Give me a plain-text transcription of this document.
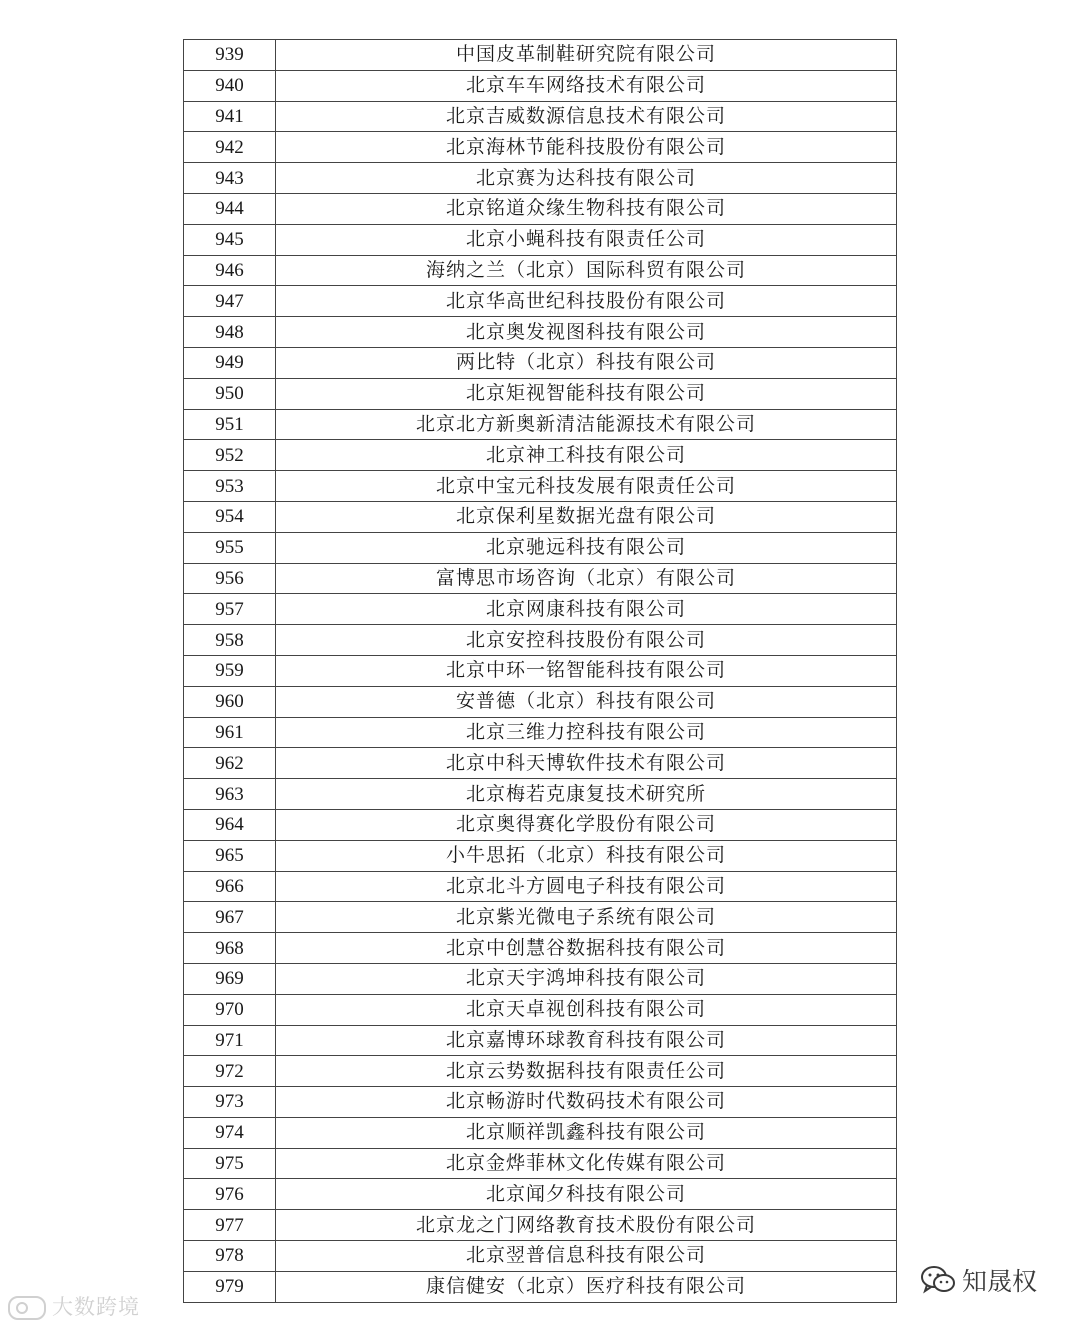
939	中国皮革制鞋研究院有限公司
940	北京车车网络技术有限公司
941	北京吉威数源信息技术有限公司
942	北京海林节能科技股份有限公司
943	北京赛为达科技有限公司
944	北京铭道众缘生物科技有限公司
945	北京小蝇科技有限责任公司
946	海纳之兰（北京）国际科贸有限公司
947	北京华高世纪科技股份有限公司
948	北京奥发视图科技有限公司
949	两比特（北京）科技有限公司
950	北京矩视智能科技有限公司
951	北京北方新奥新清洁能源技术有限公司
952	北京神工科技有限公司
953	北京中宝元科技发展有限责任公司
954	北京保利星数据光盘有限公司
955	北京驰远科技有限公司
956	富博思市场咨询（北京）有限公司
957	北京网康科技有限公司
958	北京安控科技股份有限公司
959	北京中环一铭智能科技有限公司
960	安普德（北京）科技有限公司
961	北京三维力控科技有限公司
962	北京中科天博软件技术有限公司
963	北京梅若克康复技术研究所
964	北京奥得赛化学股份有限公司
965	小牛思拓（北京）科技有限公司
966	北京北斗方圆电子科技有限公司
967	北京紫光微电子系统有限公司
968	北京中创慧谷数据科技有限公司
969	北京天宇鸿坤科技有限公司
970	北京天卓视创科技有限公司
971	北京嘉博环球教育科技有限公司
972	北京云势数据科技有限责任公司
973	北京畅游时代数码技术有限公司
974	北京顺祥凯鑫科技有限公司
975	北京金烨菲林文化传媒有限公司
976	北京闻夕科技有限公司
977	北京龙之门网络教育技术股份有限公司
978	北京翌普信息科技有限公司
979	康信健安（北京）医疗科技有限公司
大数跨境
知晟权
